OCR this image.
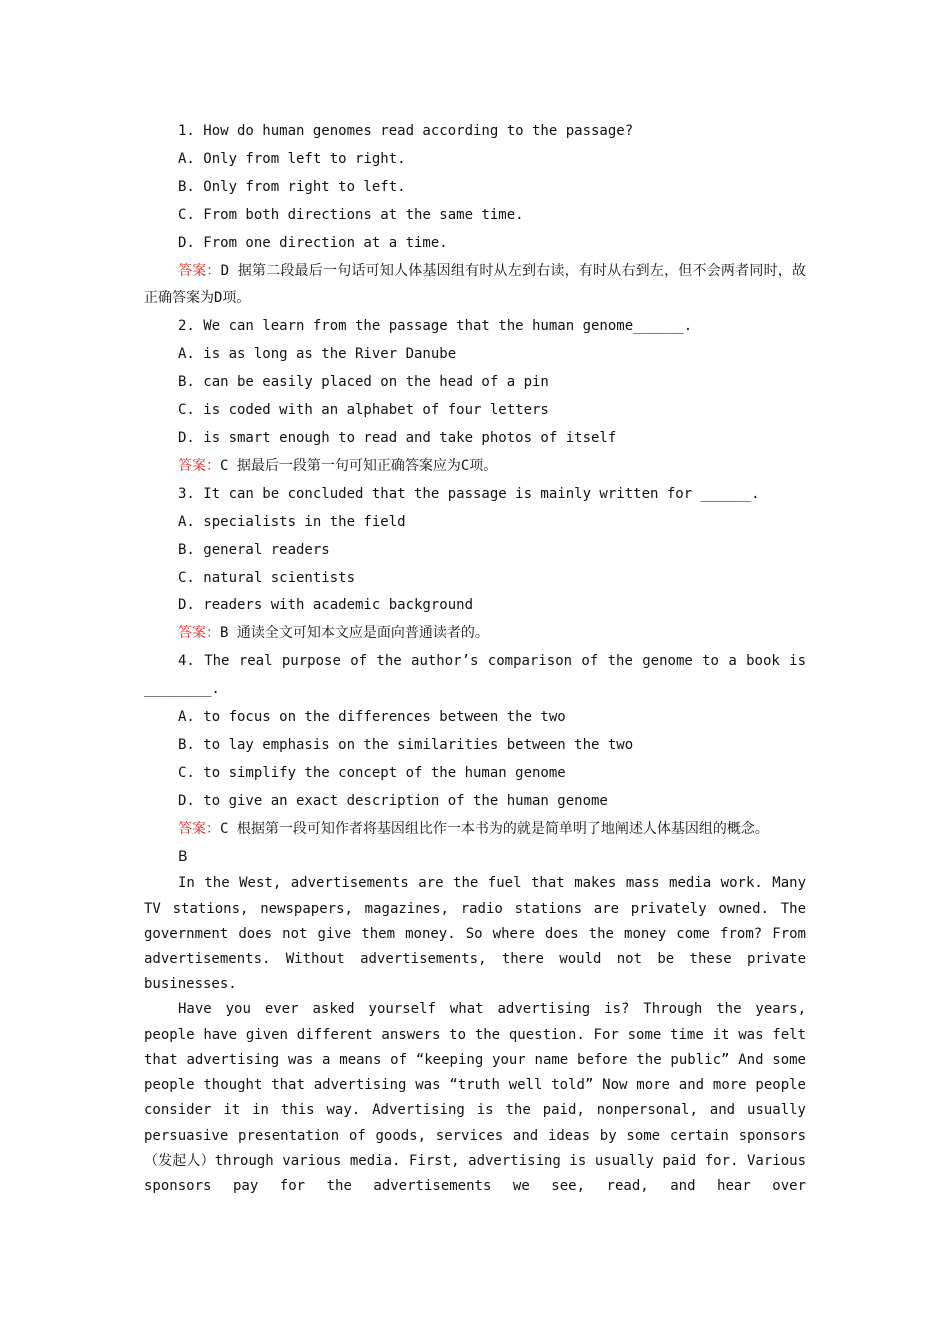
1. How do human genomes read according to the passage?
A. Only from left to right.
B. Only from right to left.
C. From both directions at the same time.
D. From one direction at a time.
答案：D 据第二段最后一句话可知人体基因组有时从左到右读，有时从右到左，但不会两者同时，故正确答案为D项。
2. We can learn from the passage that the human genome______.
A. is as long as the River Danube
B. can be easily placed on the head of a pin
C. is coded with an alphabet of four letters
D. is smart enough to read and take photos of itself
答案：C 据最后一段第一句可知正确答案应为C项。
3. It can be concluded that the passage is mainly written for ______.
A. specialists in the field
B. general readers
C. natural scientists
D. readers with academic background
答案：B 通读全文可知本文应是面向普通读者的。
4. The real purpose of the author’s comparison of the genome to a book is ________.
A. to focus on the differences between the two
B. to lay emphasis on the similarities between the two
C. to simplify the concept of the human genome
D. to give an exact description of the human genome
答案：C 根据第一段可知作者将基因组比作一本书为的就是简单明了地阐述人体基因组的概念。
B
In the West, advertisements are the fuel that makes mass media work. Many TV stations, newspapers, magazines, radio stations are privately owned. The government does not give them money. So where does the money come from? From advertisements. Without advertisements, there would not be these private businesses.
Have you ever asked yourself what advertising is? Through the years, people have given different answers to the question. For some time it was felt that advertising was a means of “keeping your name before the public” And some people thought that advertising was “truth well told” Now more and more people consider it in this way. Advertising is the paid, nonpersonal, and usually persuasive presentation of goods, services and ideas by some certain sponsors（发起人）through various media. First, advertising is usually paid for. Various sponsors pay for the advertisements we see, read, and hear over
